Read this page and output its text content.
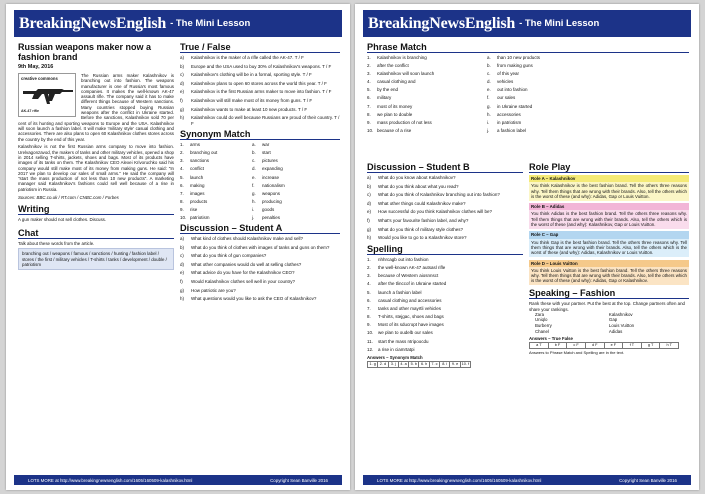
BreakingNewsEnglish - The Mini Lesson
Russian weapons maker now a fashion brand
9th May, 2016
creative commons
AK-47 rifle

The Russian arms maker Kalashnikov is branching out into fashion. The weapons manufacturer is one of Russia's most famous companies. It makes the well-known AK-47 assault rifle. The company said it has to make different things because of Western sanctions. Many countries stopped buying Russian weapons after the conflict in Ukraine started. Before the sanctions, Kalashnikov sold 70 per cent of its hunting and sporting weapons to Europe and the USA. Kalashnikov will soon launch a fashion label. It will make 'military style' casual clothing and accessories. There are also plans to open 60 Kalashnikov clothes stores across the country by the end of this year.

Kalashnikov is not the first Russian arms company to move into fashion. Urelvagonzavod, the makers of tanks and other military vehicles, opened a shop in 2014 selling T-shirts, jackets, shoes and bags. Most of its products have images of its tanks on them. The Kalashnikov CEO Alexei Krivoruchko said his company would still make most of its money from making guns. He said: "In 2017 we plan to develop our sales of small arms." He said the company will "start the mass production of not less than 10 new products". A marketing manager said Kalashnikov's fashions could sell well because of a rise in patriotism in Russia.

Sources: BBC.co.uk / RT.com / CNBC.com / Forbes

Writing
A gun maker should not sell clothes. Discuss.
Chat
Talk about these words from the article.
branching out / weapons / famous / sanctions / hunting / fashion label / stores / the first / military vehicles / T-shirts / tanks / development / double / patriotism
True / False
a)	Kalashnikov is the maker of a rifle called the AK-47. T / F
b)	Europe and the USA used to buy 30% of Kalashnikov's weapons. T / F
c)	Kalashnikov's clothing will be in a formal, sporting style. T / F
d)	Kalashnikov plans to open 60 stores across the world this year. T / F
e)	Kalashnikov is the first Russian arms maker to move into fashion. T / F
f)	Kalashnikov will still make most of its money from guns. T / F
g)	Kalashnikov wants to make at least 10 new products. T / F
h)	Kalashnikov could do well because Russians are proud of their country. T / F
Synonym Match
1.	arms	a.	war
2.	branching out	b.	start
3.	sanctions	c.	pictures
4.	conflict	d.	expanding
5.	launch	e.	increase
6.	making	f.	nationalism
7.	images	g.	weapons
8.	products	h.	producing
9.	rise	i.	goods
10. patriotism	j.	penalties
Discussion – Student A
a)	What kind of clothes should Kalashnikov make and sell?
b)	What do you think of clothes with images of tanks and guns on them?
c)	What do you think of gun companies?
d)	What other companies would do well at selling clothes?
e)	What advice do you have for the Kalashnikov CEO?
f)	Would Kalashnikov clothes sell well in your country?
g)	How patriotic are you?
h)	What questions would you like to ask the CEO of Kalashnikov?
LOTS MORE at http://www.breakingnewsenglish.com/1605/160509-kalashnikov.html	Copyright Sean Banville 2016
BreakingNewsEnglish - The Mini Lesson
Phrase Match
1.	Kalashnikov is branching	a.	than 10 new products
2.	after the conflict	b.	from making guns
3.	Kalashnikov will soon launch	c.	of this year
4.	casual clothing and	d.	vehicles
5.	by the end	e.	out into fashion
6.	military	f.	our sales
7.	most of its money	g.	in Ukraine started
8.	we plan to double	h.	accessories
9.	mass production of not less	i.	in patriotism
10. because of a rise	j.	a fashion label
Discussion – Student B
a)	What do you know about Kalashnikov?
b)	What do you think about what you read?
c)	What do you think of Kalashnikov branching out into fashion?
d)	What other things could Kalashnikov make?
e)	How successful do you think Kalashnikov clothes will be?
f)	What's your favourite fashion label, and why?
g)	What do you think of military style clothes?
h)	Would you like to go to a Kalashnikov store?
Spelling
1.	nhhrcagb out into fashion
2.	the well-known AK-47 autsasl rifle
3.	because of Western aiosnnsct
4.	after the tlinccof in Ukraine started
5.	launch a fashion label
6.	casual clothing and accessories
7.	tanks and other mayrtli vehicles
8.	T-shirts, stejgac, shoes and bags
9.	Most of its sducropt have images
10.	we plan to oudelb our sales
11.	start the mass ntripoocdu
12.	a rise in ciamrtatpi
Answers – Synonym Match
1. g	2. d	3. j	4. a	5. b	6. h	7. c	8. i	9. e 10. f
Role Play
Role A – Kalashnikov
You think Kalashnikov is the best fashion brand. Tell the others three reasons why. Tell them things that are wrong with their brands. Also, tell the others which is the worst of these (and why): Adidas, Gap or Louis Vuitton.
Role B – Adidas
You think Adidas is the best fashion brand. Tell the others three reasons why. Tell them things that are wrong with their brands. Also, tell the others which is the worst of these (and why): Kalashnikov, Gap or Louis Vuitton.
Role C – Gap
You think Gap is the best fashion brand. Tell the others three reasons why. Tell them things that are wrong with their brands. Also, tell the others which is the worst of these (and why): Adidas, Kalashnikov or Louis Vuitton.
Role D – Louis Vuitton
You think Louis Vuitton is the best fashion brand. Tell the others three reasons why. Tell them things that are wrong with their brands. Also, tell the others which is the worst of these (and why): Adidas, Gap or Kalashnikov.
Speaking – Fashion
Rank these with your partner. Put the best at the top. Change partners often and share your rankings.
Zara	Kalashnikov
Uniqlo	Gap
Burberry	Louis Vuitton
Chanel	Adidas
Answers – True False
a T	b F	c F	d F	e F	f T	g T	h T
Answers to Phrase Match and Spelling are in the text.
LOTS MORE at http://www.breakingnewsenglish.com/1605/160509-kalashnikov.html	Copyright Sean Banville 2016
